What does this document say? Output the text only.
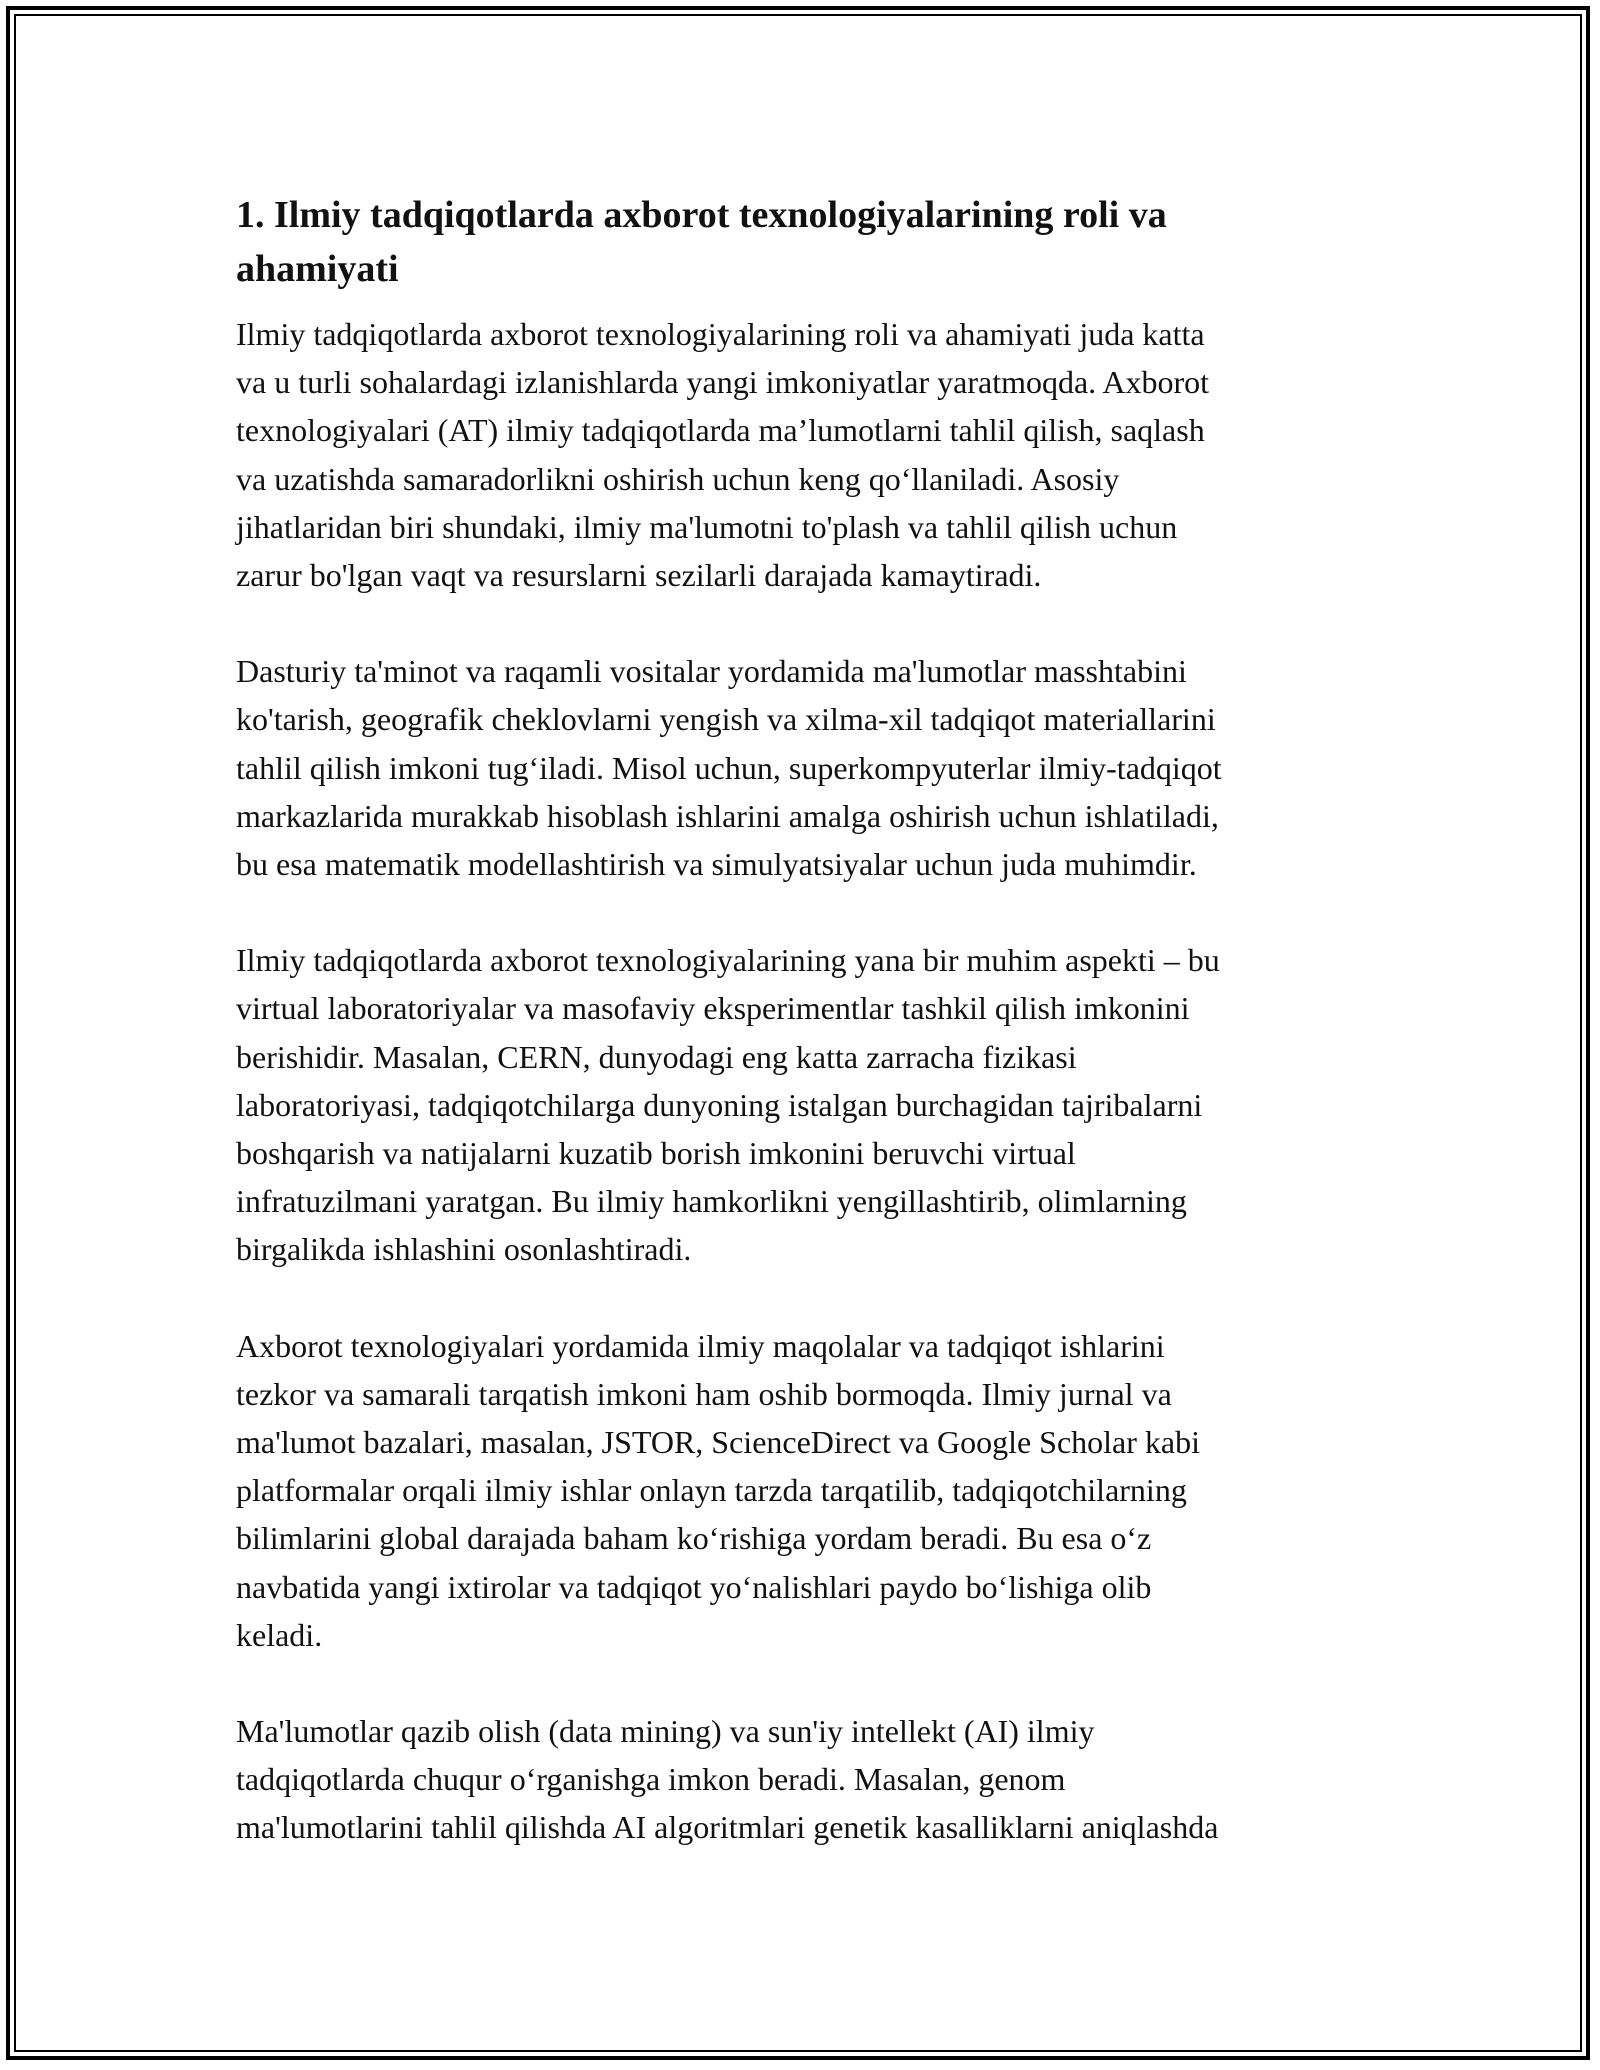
1. Ilmiy tadqiqotlarda axborot texnologiyalarining roli va
ahamiyati

Ilmiy tadqiqotlarda axborot texnologiyalarining roli va ahamiyati juda katta
va u turli sohalardagi izlanishlarda yangi imkoniyatlar yaratmoqda. Axborot
texnologiyalari (AT) ilmiy tadqiqotlarda ma’lumotlarni tahlil qilish, saqlash
va uzatishda samaradorlikni oshirish uchun keng qo‘llaniladi. Asosiy
jihatlaridan biri shundaki, ilmiy ma'lumotni to'plash va tahlil qilish uchun
zarur bo'lgan vaqt va resurslarni sezilarli darajada kamaytiradi.

Dasturiy ta'minot va raqamli vositalar yordamida ma'lumotlar masshtabini
ko'tarish, geografik cheklovlarni yengish va xilma-xil tadqiqot materiallarini
tahlil qilish imkoni tug‘iladi. Misol uchun, superkompyuterlar ilmiy-tadqiqot
markazlarida murakkab hisoblash ishlarini amalga oshirish uchun ishlatiladi,
bu esa matematik modellashtirish va simulyatsiyalar uchun juda muhimdir.

Ilmiy tadqiqotlarda axborot texnologiyalarining yana bir muhim aspekti – bu
virtual laboratoriyalar va masofaviy eksperimentlar tashkil qilish imkonini
berishidir. Masalan, CERN, dunyodagi eng katta zarracha fizikasi
laboratoriyasi, tadqiqotchilarga dunyoning istalgan burchagidan tajribalarni
boshqarish va natijalarni kuzatib borish imkonini beruvchi virtual
infratuzilmani yaratgan. Bu ilmiy hamkorlikni yengillashtirib, olimlarning
birgalikda ishlashini osonlashtiradi.

Axborot texnologiyalari yordamida ilmiy maqolalar va tadqiqot ishlarini
tezkor va samarali tarqatish imkoni ham oshib bormoqda. Ilmiy jurnal va
ma'lumot bazalari, masalan, JSTOR, ScienceDirect va Google Scholar kabi
platformalar orqali ilmiy ishlar onlayn tarzda tarqatilib, tadqiqotchilarning
bilimlarini global darajada baham ko‘rishiga yordam beradi. Bu esa o‘z
navbatida yangi ixtirolar va tadqiqot yo‘nalishlari paydo bo‘lishiga olib
keladi.

Ma'lumotlar qazib olish (data mining) va sun'iy intellekt (AI) ilmiy
tadqiqotlarda chuqur o‘rganishga imkon beradi. Masalan, genom
ma'lumotlarini tahlil qilishda AI algoritmlari genetik kasalliklarni aniqlashda
